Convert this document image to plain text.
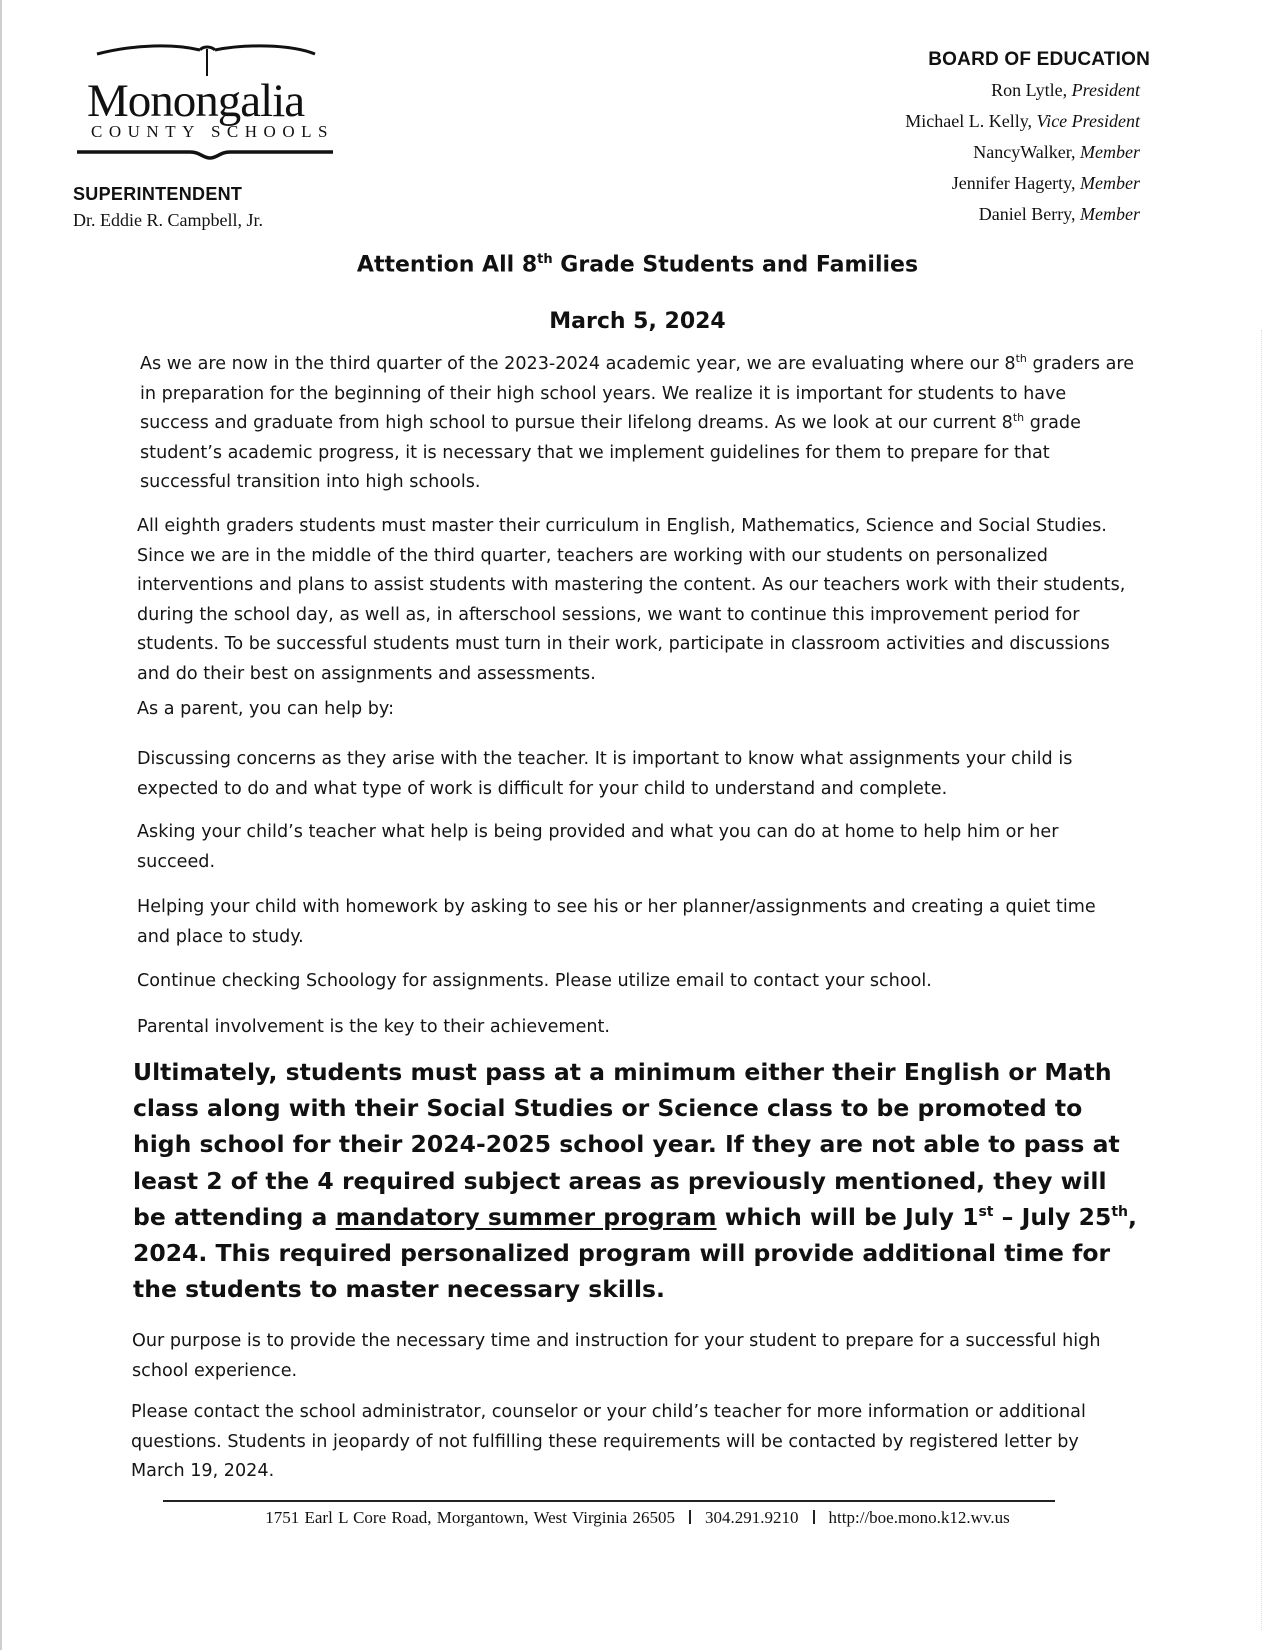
Monongalia
COUNTY SCHOOLS
SUPERINTENDENT
Dr. Eddie R. Campbell, Jr.
BOARD OF EDUCATION
Ron Lytle, President
Michael L. Kelly, Vice President
NancyWalker, Member
Jennifer Hagerty, Member
Daniel Berry, Member
Attention All 8th Grade Students and Families
March 5, 2024
As we are now in the third quarter of the 2023-2024 academic year, we are evaluating where our 8th graders are in preparation for the beginning of their high school years. We realize it is important for students to have success and graduate from high school to pursue their lifelong dreams. As we look at our current 8th grade student’s academic progress, it is necessary that we implement guidelines for them to prepare for that successful transition into high schools.
All eighth graders students must master their curriculum in English, Mathematics, Science and Social Studies. Since we are in the middle of the third quarter, teachers are working with our students on personalized interventions and plans to assist students with mastering the content. As our teachers work with their students, during the school day, as well as, in afterschool sessions, we want to continue this improvement period for students. To be successful students must turn in their work, participate in classroom activities and discussions and do their best on assignments and assessments.
As a parent, you can help by:
Discussing concerns as they arise with the teacher. It is important to know what assignments your child is expected to do and what type of work is difficult for your child to understand and complete.
Asking your child’s teacher what help is being provided and what you can do at home to help him or her succeed.
Helping your child with homework by asking to see his or her planner/assignments and creating a quiet time and place to study.
Continue checking Schoology for assignments. Please utilize email to contact your school.
Parental involvement is the key to their achievement.
Ultimately, students must pass at a minimum either their English or Math class along with their Social Studies or Science class to be promoted to high school for their 2024-2025 school year. If they are not able to pass at least 2 of the 4 required subject areas as previously mentioned, they will be attending a mandatory summer program which will be July 1st – July 25th, 2024. This required personalized program will provide additional time for the students to master necessary skills.
Our purpose is to provide the necessary time and instruction for your student to prepare for a successful high school experience.
Please contact the school administrator, counselor or your child’s teacher for more information or additional questions. Students in jeopardy of not fulfilling these requirements will be contacted by registered letter by March 19, 2024.
1751 Earl L Core Road, Morgantown, West Virginia 26505 304.291.9210 http://boe.mono.k12.wv.us
